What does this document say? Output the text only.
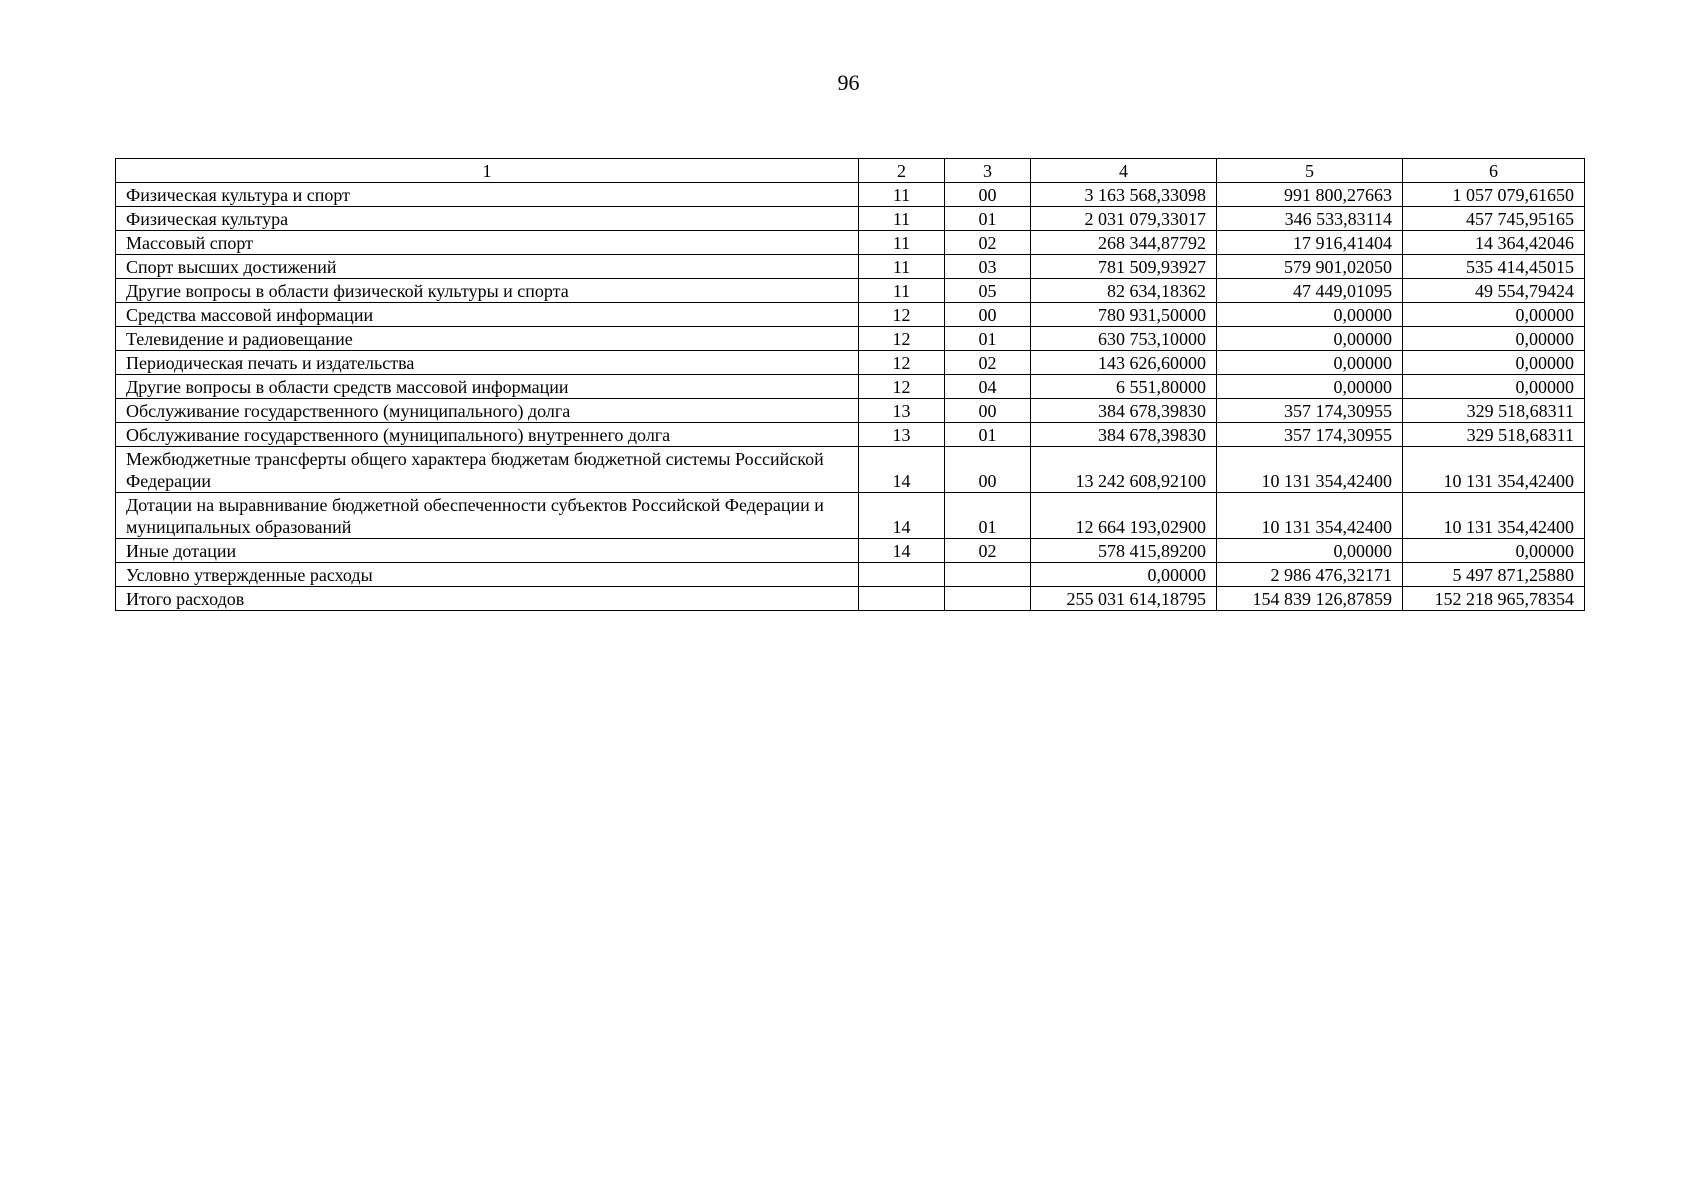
96
1	2	3	4	5	6
Физическая культура и спорт	11	00	3 163 568,33098	991 800,27663	1 057 079,61650
Физическая культура	11	01	2 031 079,33017	346 533,83114	457 745,95165
Массовый спорт	11	02	268 344,87792	17 916,41404	14 364,42046
Спорт высших достижений	11	03	781 509,93927	579 901,02050	535 414,45015
Другие вопросы в области физической культуры и спорта	11	05	82 634,18362	47 449,01095	49 554,79424
Средства массовой информации	12	00	780 931,50000	0,00000	0,00000
Телевидение и радиовещание	12	01	630 753,10000	0,00000	0,00000
Периодическая печать и издательства	12	02	143 626,60000	0,00000	0,00000
Другие вопросы в области средств массовой информации	12	04	6 551,80000	0,00000	0,00000
Обслуживание государственного (муниципального) долга	13	00	384 678,39830	357 174,30955	329 518,68311
Обслуживание государственного (муниципального) внутреннего долга	13	01	384 678,39830	357 174,30955	329 518,68311
Межбюджетные трансферты общего характера бюджетам бюджетной системы Российской Федерации	14	00	13 242 608,92100	10 131 354,42400	10 131 354,42400
Дотации на выравнивание бюджетной обеспеченности субъектов Российской Федерации и муниципальных образований	14	01	12 664 193,02900	10 131 354,42400	10 131 354,42400
Иные дотации	14	02	578 415,89200	0,00000	0,00000
Условно утвержденные расходы			0,00000	2 986 476,32171	5 497 871,25880
Итого расходов			255 031 614,18795	154 839 126,87859	152 218 965,78354
